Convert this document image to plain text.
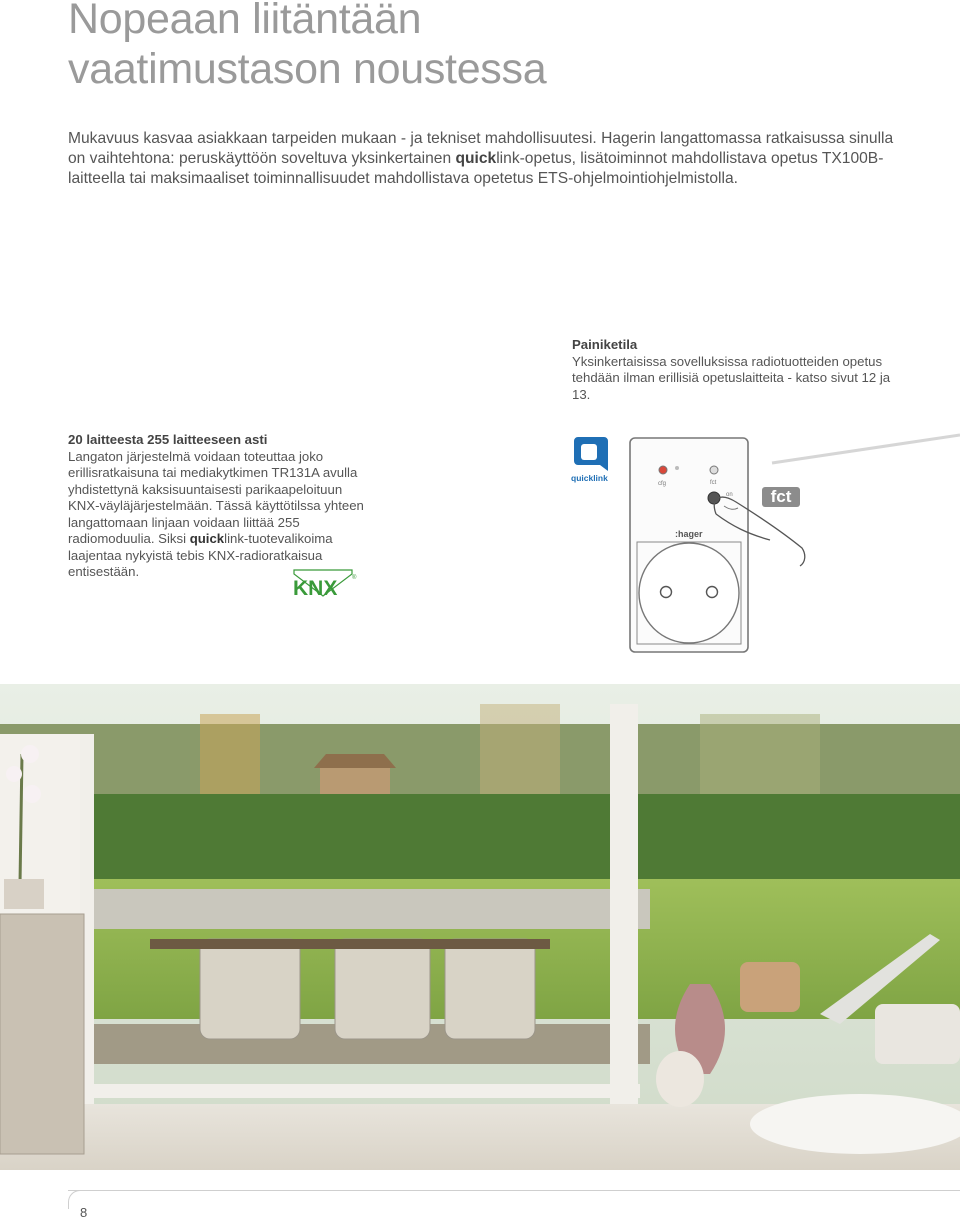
Nopeaan liitäntään
vaatimustason noustessa

Mukavuus kasvaa asiakkaan tarpeiden mukaan - ja tekniset mahdollisuutesi. Hagerin langattomassa ratkaisussa sinulla on vaihtehtona: peruskäyttöön soveltuva yksinkertainen quicklink-opetus, lisätoiminnot mahdollistava opetus TX100B-laitteella tai maksimaaliset toiminnallisuudet mahdollistava opetetus ETS-ohjelmointiohjelmistolla.

Painiketila
Yksinkertaisissa sovelluksissa radiotuotteiden opetus tehdään ilman erillisiä opetuslaitteita - katso sivut 12 ja 13.
20 laitteesta 255 laitteeseen asti
Langaton järjestelmä voidaan toteuttaa joko erillisratkaisuna tai mediakytkimen TR131A avulla yhdistettynä kaksisuuntaisesti parikaapeloituun KNX-väyläjärjestelmään. Tässä käyttötilssa yhteen langattomaan linjaan voidaan liittää 255 radiomoduulia. Siksi quicklink-tuotevalikoima laajentaa nykyistä tebis KNX-radioratkaisua entisestään.
KNX ®
quicklink
cfg	fct
on
:hager
fct
8
